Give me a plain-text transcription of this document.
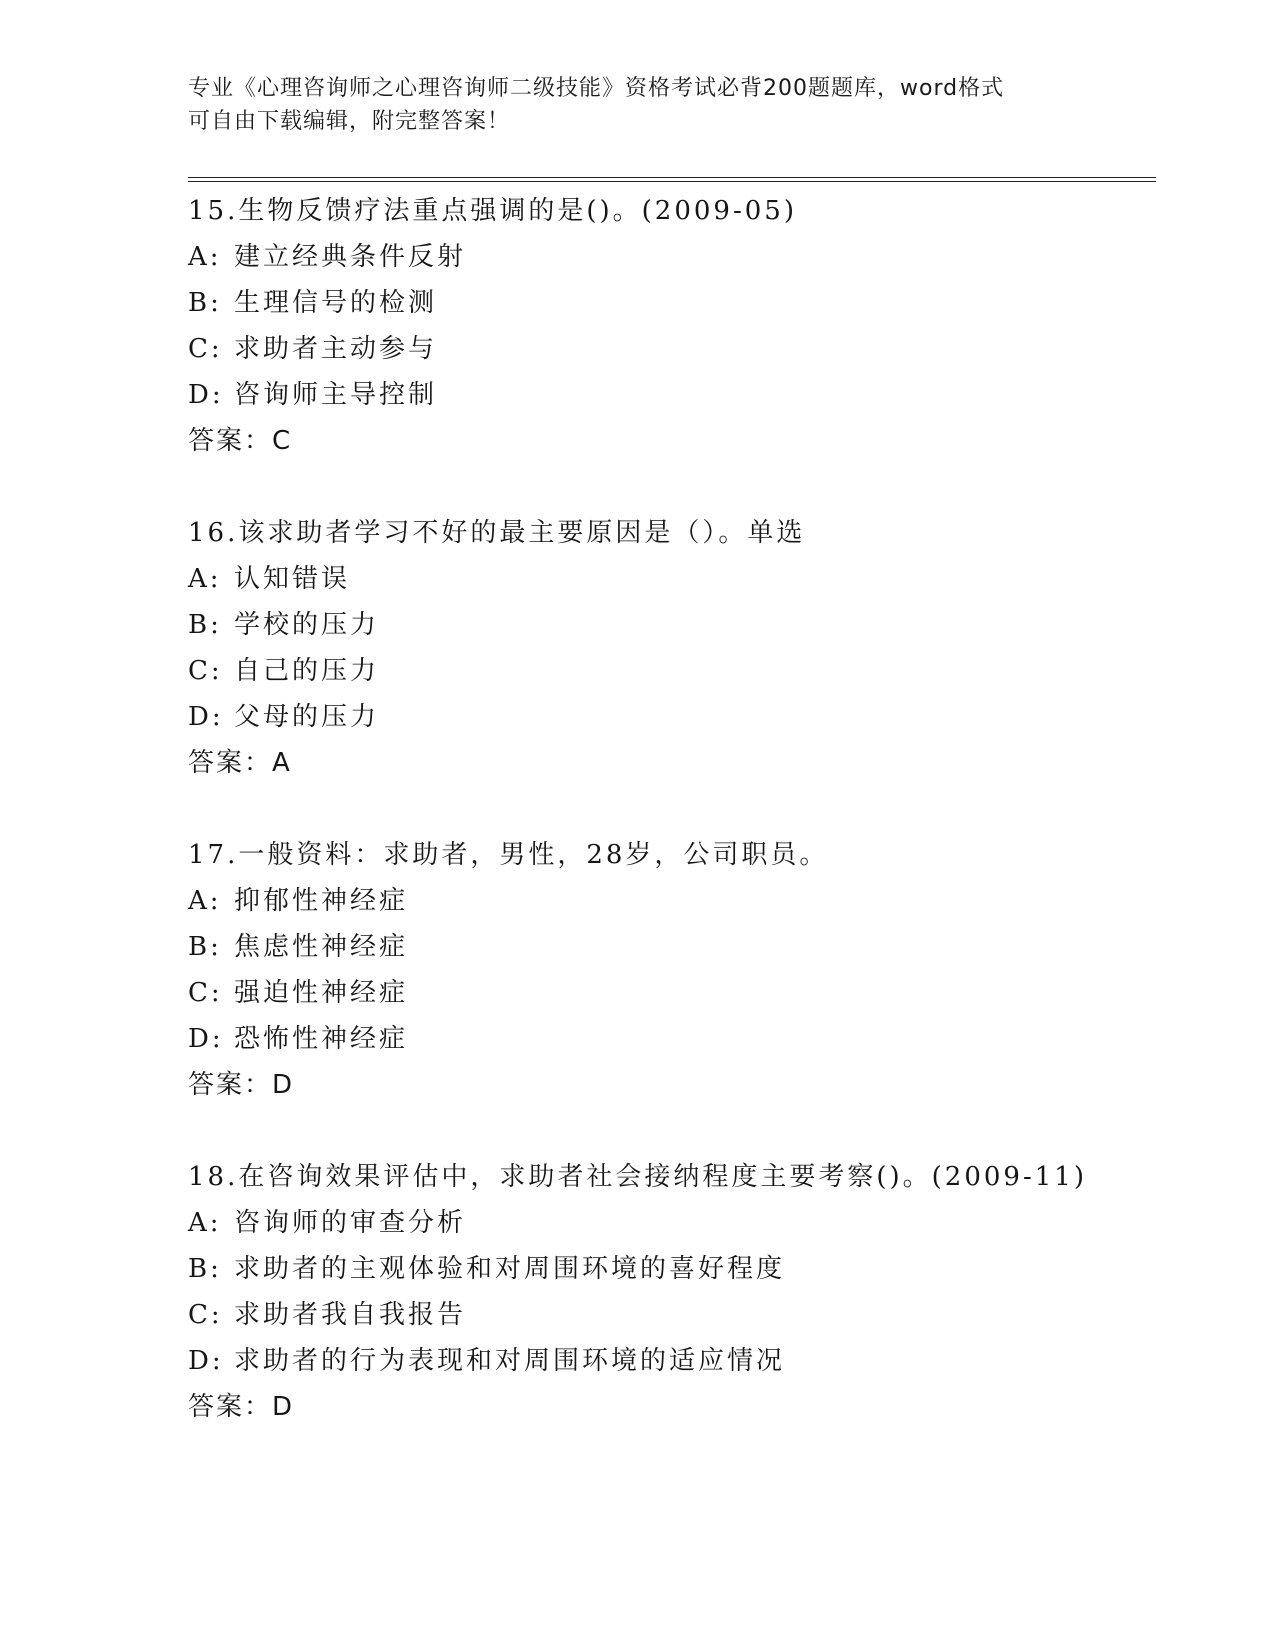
专业《心理咨询师之心理咨询师二级技能》资格考试必背200题题库，word格式
可自由下载编辑，附完整答案！
15.生物反馈疗法重点强调的是()。(2009-05)
A: 建立经典条件反射
B: 生理信号的检测
C: 求助者主动参与
D: 咨询师主导控制
答案：C
16.该求助者学习不好的最主要原因是（）。单选
A: 认知错误
B: 学校的压力
C: 自己的压力
D: 父母的压力
答案：A
17.一般资料：求助者，男性，28岁，公司职员。
A: 抑郁性神经症
B: 焦虑性神经症
C: 强迫性神经症
D: 恐怖性神经症
答案：D
18.在咨询效果评估中，求助者社会接纳程度主要考察()。(2009-11)
A: 咨询师的审查分析
B: 求助者的主观体验和对周围环境的喜好程度
C: 求助者我自我报告
D: 求助者的行为表现和对周围环境的适应情况
答案：D
